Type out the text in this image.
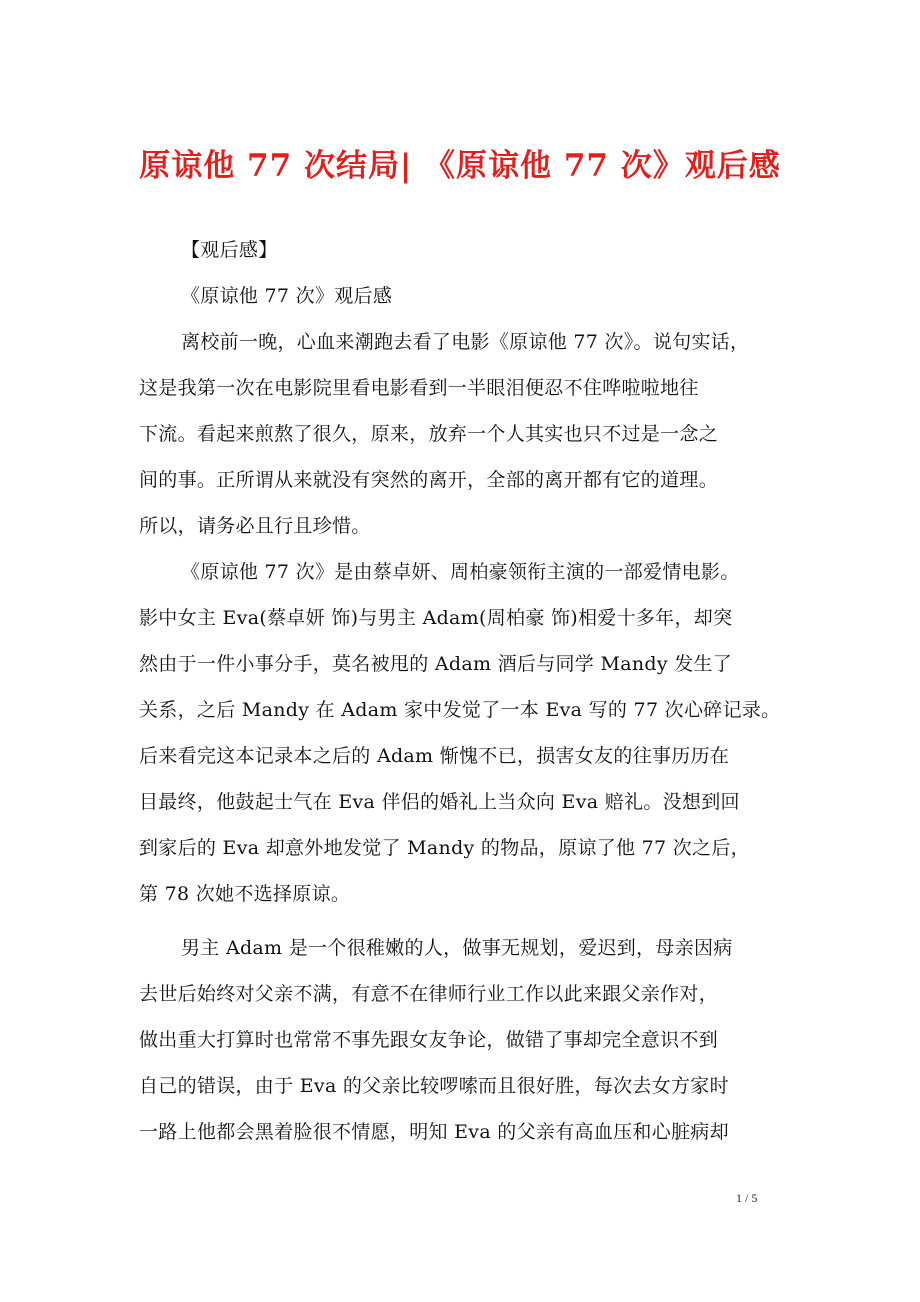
原谅他 77 次结局| 《原谅他 77 次》观后感
【观后感】
《原谅他 77 次》观后感
离校前一晚，心血来潮跑去看了电影《原谅他 77 次》。说句实话，
这是我第一次在电影院里看电影看到一半眼泪便忍不住哗啦啦地往
下流。看起来煎熬了很久，原来，放弃一个人其实也只不过是一念之
间的事。正所谓从来就没有突然的离开，全部的离开都有它的道理。
所以，请务必且行且珍惜。
《原谅他 77 次》是由蔡卓妍、周柏豪领衔主演的一部爱情电影。
影中女主 Eva(蔡卓妍 饰)与男主 Adam(周柏豪 饰)相爱十多年，却突
然由于一件小事分手，莫名被甩的 Adam 酒后与同学 Mandy 发生了
关系，之后 Mandy 在 Adam 家中发觉了一本 Eva 写的 77 次心碎记录。
后来看完这本记录本之后的 Adam 惭愧不已，损害女友的往事历历在
目最终，他鼓起士气在 Eva 伴侣的婚礼上当众向 Eva 赔礼。没想到回
到家后的 Eva 却意外地发觉了 Mandy 的物品，原谅了他 77 次之后，
第 78 次她不选择原谅。
男主 Adam 是一个很稚嫩的人，做事无规划，爱迟到，母亲因病
去世后始终对父亲不满，有意不在律师行业工作以此来跟父亲作对，
做出重大打算时也常常不事先跟女友争论，做错了事却完全意识不到
自己的错误，由于 Eva 的父亲比较啰嗦而且很好胜，每次去女方家时
一路上他都会黑着脸很不情愿，明知 Eva 的父亲有高血压和心脏病却
1 / 5
